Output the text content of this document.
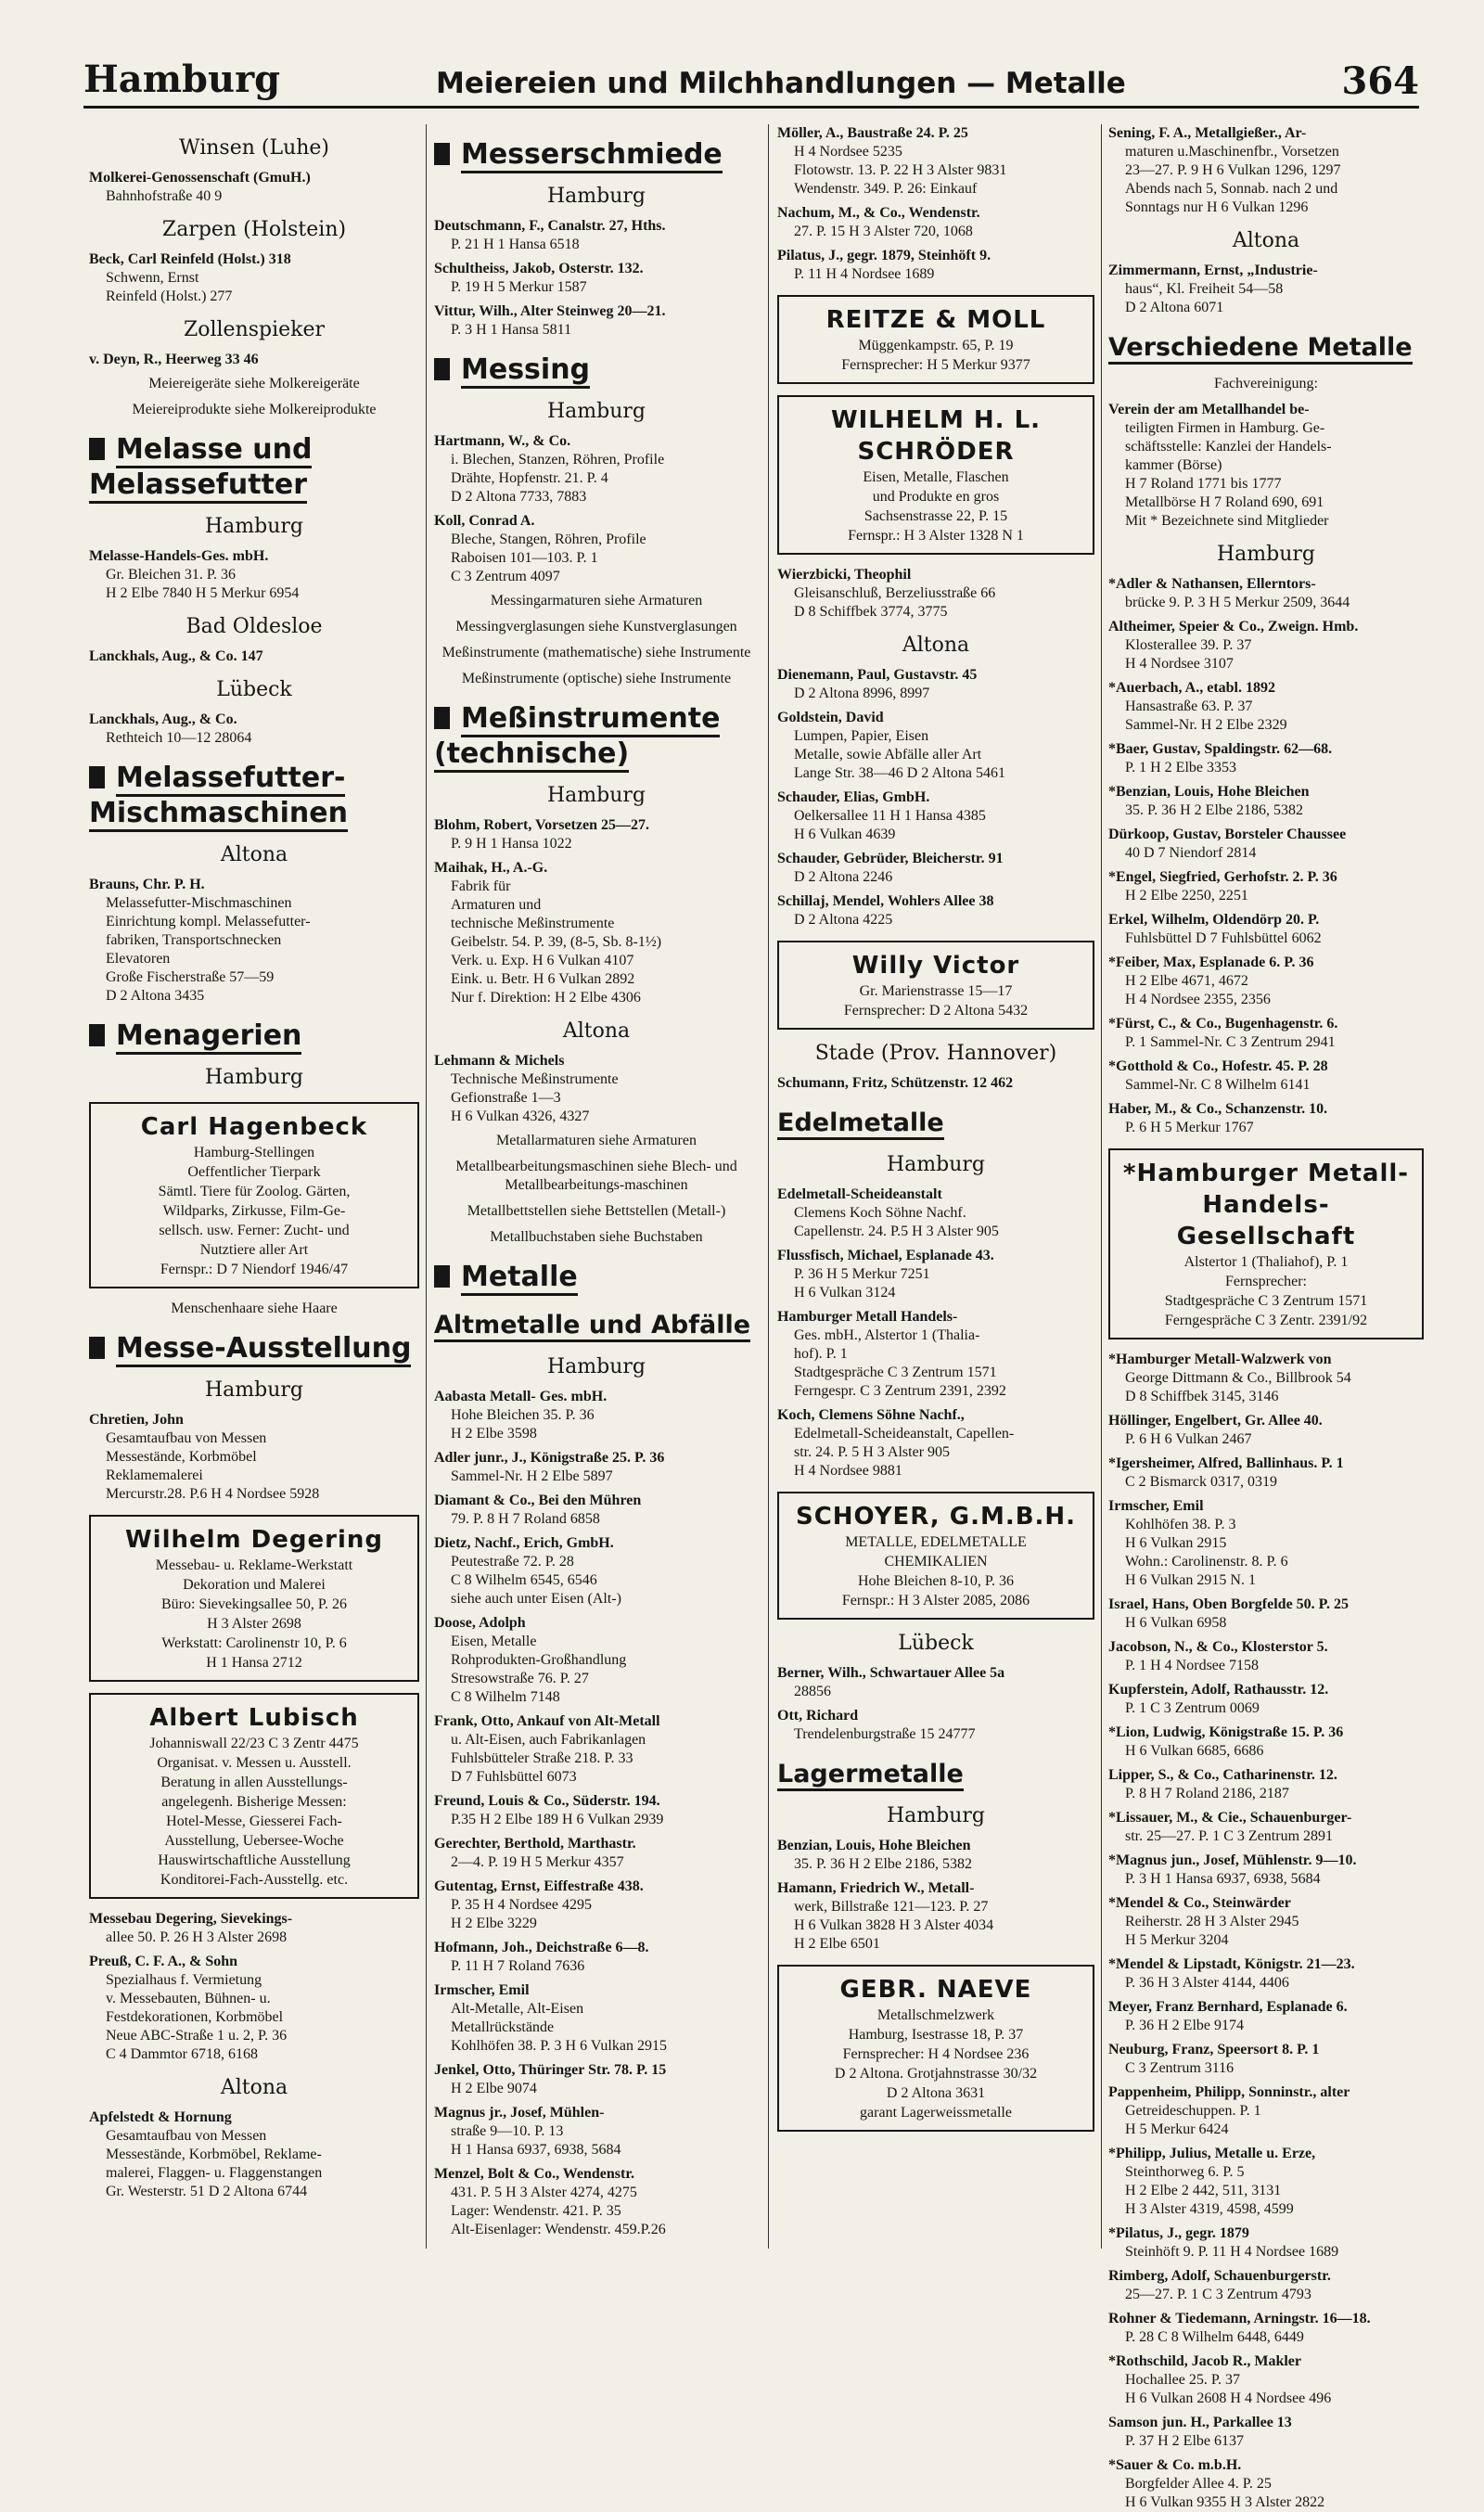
Hamburg	Meiereien und Milchhandlungen — Metalle	364
Winsen (Luhe)
Molkerei-Genossenschaft (GmuH.)
Bahnhofstraße 40 9
Zarpen (Holstein)
Beck, Carl Reinfeld (Holst.) 318
Schwenn, Ernst
Reinfeld (Holst.) 277
Zollenspieker
v. Deyn, R., Heerweg 33 46
Meiereigeräte siehe Molkereigeräte
Meiereiprodukte siehe Molkereiprodukte
Melasse und Melassefutter
Hamburg
Melasse-Handels-Ges. mbH.
Gr. Bleichen 31. P. 36
H 2 Elbe 7840 H 5 Merkur 6954
Bad Oldesloe
Lanckhals, Aug., & Co. 147
Lübeck
Lanckhals, Aug., & Co.
Rethteich 10—12 28064
Melassefutter-Mischmaschinen
Altona
Brauns, Chr. P. H.
Melassefutter-Mischmaschinen
Einrichtung kompl. Melassefutter-
fabriken, Transportschnecken
Elevatoren
Große Fischerstraße 57—59
D 2 Altona 3435
Menagerien
Hamburg
Carl Hagenbeck
Hamburg-Stellingen
Oeffentlicher Tierpark
Sämtl. Tiere für Zoolog. Gärten,
Wildparks, Zirkusse, Film-Ge-
sellsch. usw. Ferner: Zucht- und
Nutztiere aller Art
Fernspr.: D 7 Niendorf 1946/47
Menschenhaare siehe Haare
Messe-Ausstellung
Hamburg
Chretien, John
Gesamtaufbau von Messen
Messestände, Korbmöbel
Reklamemalerei
Mercurstr.28. P.6 H 4 Nordsee 5928
Wilhelm Degering
Messebau- u. Reklame-Werkstatt
Dekoration und Malerei
Büro: Sievekingsallee 50, P. 26
H 3 Alster 2698
Werkstatt: Carolinenstr 10, P. 6
H 1 Hansa 2712
Albert Lubisch
Johanniswall 22/23 C 3 Zentr 4475
Organisat. v. Messen u. Ausstell.
Beratung in allen Ausstellungs-
angelegenh. Bisherige Messen:
Hotel-Messe, Giesserei Fach-
Ausstellung, Uebersee-Woche
Hauswirtschaftliche Ausstellung
Konditorei-Fach-Ausstellg. etc.
Messebau Degering, Sievekings-
allee 50. P. 26 H 3 Alster 2698
Preuß, C. F. A., & Sohn
Spezialhaus f. Vermietung
v. Messebauten, Bühnen- u.
Festdekorationen, Korbmöbel
Neue ABC-Straße 1 u. 2, P. 36
C 4 Dammtor 6718, 6168
Altona
Apfelstedt & Hornung
Gesamtaufbau von Messen
Messestände, Korbmöbel, Reklame-
malerei, Flaggen- u. Flaggenstangen
Gr. Westerstr. 51 D 2 Altona 6744
Messerschmiede
Hamburg
Deutschmann, F., Canalstr. 27, Hths.
P. 21 H 1 Hansa 6518
Schultheiss, Jakob, Osterstr. 132.
P. 19 H 5 Merkur 1587
Vittur, Wilh., Alter Steinweg 20—21.
P. 3 H 1 Hansa 5811
Messing
Hamburg
Hartmann, W., & Co.
i. Blechen, Stanzen, Röhren, Profile
Drähte, Hopfenstr. 21. P. 4
D 2 Altona 7733, 7883
Koll, Conrad A.
Bleche, Stangen, Röhren, Profile
Raboisen 101—103. P. 1
C 3 Zentrum 4097
Messingarmaturen siehe Armaturen
Messingverglasungen siehe Kunstverglasungen
Meßinstrumente (mathematische) siehe Instrumente
Meßinstrumente (optische) siehe Instrumente
Meßinstrumente (technische)
Hamburg
Blohm, Robert, Vorsetzen 25—27.
P. 9 H 1 Hansa 1022
Maihak, H., A.-G.
Fabrik für
Armaturen und
technische Meßinstrumente
Geibelstr. 54. P. 39, (8-5, Sb. 8-1½)
Verk. u. Exp. H 6 Vulkan 4107
Eink. u. Betr. H 6 Vulkan 2892
Nur f. Direktion: H 2 Elbe 4306
Altona
Lehmann & Michels
Technische Meßinstrumente
Gefionstraße 1—3
H 6 Vulkan 4326, 4327
Metallarmaturen siehe Armaturen
Metallbearbeitungsmaschinen siehe Blech- und Metallbearbeitungs-maschinen
Metallbettstellen siehe Bettstellen (Metall-)
Metallbuchstaben siehe Buchstaben
Metalle
Altmetalle und Abfälle
Hamburg
Aabasta Metall- Ges. mbH.
Hohe Bleichen 35. P. 36
H 2 Elbe 3598
Adler junr., J., Königstraße 25. P. 36
Sammel-Nr. H 2 Elbe 5897
Diamant & Co., Bei den Mühren
79. P. 8 H 7 Roland 6858
Dietz, Nachf., Erich, GmbH.
Peutestraße 72. P. 28
C 8 Wilhelm 6545, 6546
siehe auch unter Eisen (Alt-)
Doose, Adolph
Eisen, Metalle
Rohprodukten-Großhandlung
Stresowstraße 76. P. 27
C 8 Wilhelm 7148
Frank, Otto, Ankauf von Alt-Metall
u. Alt-Eisen, auch Fabrikanlagen
Fuhlsbütteler Straße 218. P. 33
D 7 Fuhlsbüttel 6073
Freund, Louis & Co., Süderstr. 194.
P.35 H 2 Elbe 189 H 6 Vulkan 2939
Gerechter, Berthold, Marthastr.
2—4. P. 19 H 5 Merkur 4357
Gutentag, Ernst, Eiffestraße 438.
P. 35 H 4 Nordsee 4295
H 2 Elbe 3229
Hofmann, Joh., Deichstraße 6—8.
P. 11 H 7 Roland 7636
Irmscher, Emil
Alt-Metalle, Alt-Eisen
Metallrückstände
Kohlhöfen 38. P. 3 H 6 Vulkan 2915
Jenkel, Otto, Thüringer Str. 78. P. 15
H 2 Elbe 9074
Magnus jr., Josef, Mühlen-
straße 9—10. P. 13
H 1 Hansa 6937, 6938, 5684
Menzel, Bolt & Co., Wendenstr.
431. P. 5 H 3 Alster 4274, 4275
Lager: Wendenstr. 421. P. 35
Alt-Eisenlager: Wendenstr. 459.P.26
Möller, A., Baustraße 24. P. 25
H 4 Nordsee 5235
Flotowstr. 13. P. 22 H 3 Alster 9831
Wendenstr. 349. P. 26: Einkauf
Nachum, M., & Co., Wendenstr.
27. P. 15 H 3 Alster 720, 1068
Pilatus, J., gegr. 1879, Steinhöft 9.
P. 11 H 4 Nordsee 1689
REITZE & MOLL
Müggenkampstr. 65, P. 19
Fernsprecher: H 5 Merkur 9377
WILHELM H. L. SCHRÖDER
Eisen, Metalle, Flaschen
und Produkte en gros
Sachsenstrasse 22, P. 15
Fernspr.: H 3 Alster 1328 N 1
Wierzbicki, Theophil
Gleisanschluß, Berzeliusstraße 66
D 8 Schiffbek 3774, 3775
Altona
Dienemann, Paul, Gustavstr. 45
D 2 Altona 8996, 8997
Goldstein, David
Lumpen, Papier, Eisen
Metalle, sowie Abfälle aller Art
Lange Str. 38—46 D 2 Altona 5461
Schauder, Elias, GmbH.
Oelkersallee 11 H 1 Hansa 4385
H 6 Vulkan 4639
Schauder, Gebrüder, Bleicherstr. 91
D 2 Altona 2246
Schillaj, Mendel, Wohlers Allee 38
D 2 Altona 4225
Willy Victor
Gr. Marienstrasse 15—17
Fernsprecher: D 2 Altona 5432
Stade (Prov. Hannover)
Schumann, Fritz, Schützenstr. 12 462
Edelmetalle
Hamburg
Edelmetall-Scheideanstalt
Clemens Koch Söhne Nachf.
Capellenstr. 24. P.5 H 3 Alster 905
Flussfisch, Michael, Esplanade 43.
P. 36 H 5 Merkur 7251
H 6 Vulkan 3124
Hamburger Metall Handels-
Ges. mbH., Alstertor 1 (Thalia-
hof). P. 1
Stadtgespräche C 3 Zentrum 1571
Ferngespr. C 3 Zentrum 2391, 2392
Koch, Clemens Söhne Nachf.,
Edelmetall-Scheideanstalt, Capellen-
str. 24. P. 5 H 3 Alster 905
H 4 Nordsee 9881
SCHOYER, G.M.B.H.
METALLE, EDELMETALLE
CHEMIKALIEN
Hohe Bleichen 8-10, P. 36
Fernspr.: H 3 Alster 2085, 2086
Lübeck
Berner, Wilh., Schwartauer Allee 5a
28856
Ott, Richard
Trendelenburgstraße 15 24777
Lagermetalle
Hamburg
Benzian, Louis, Hohe Bleichen
35. P. 36 H 2 Elbe 2186, 5382
Hamann, Friedrich W., Metall-
werk, Billstraße 121—123. P. 27
H 6 Vulkan 3828 H 3 Alster 4034
H 2 Elbe 6501
GEBR. NAEVE
Metallschmelzwerk
Hamburg, Isestrasse 18, P. 37
Fernsprecher: H 4 Nordsee 236
D 2 Altona. Grotjahnstrasse 30/32
D 2 Altona 3631
garant Lagerweissmetalle
Sening, F. A., Metallgießer., Ar-
maturen u.Maschinenfbr., Vorsetzen
23—27. P. 9 H 6 Vulkan 1296, 1297
Abends nach 5, Sonnab. nach 2 und
Sonntags nur H 6 Vulkan 1296
Altona
Zimmermann, Ernst, „Industrie-
haus“, Kl. Freiheit 54—58
D 2 Altona 6071
Verschiedene Metalle
Fachvereinigung:
Verein der am Metallhandel be-
teiligten Firmen in Hamburg. Ge-
schäftsstelle: Kanzlei der Handels-
kammer (Börse)
H 7 Roland 1771 bis 1777
Metallbörse H 7 Roland 690, 691
Mit * Bezeichnete sind Mitglieder
Hamburg
*Adler & Nathansen, Ellerntors-
brücke 9. P. 3 H 5 Merkur 2509, 3644
Altheimer, Speier & Co., Zweign. Hmb.
Klosterallee 39. P. 37
H 4 Nordsee 3107
*Auerbach, A., etabl. 1892
Hansastraße 63. P. 37
Sammel-Nr. H 2 Elbe 2329
*Baer, Gustav, Spaldingstr. 62—68.
P. 1 H 2 Elbe 3353
*Benzian, Louis, Hohe Bleichen
35. P. 36 H 2 Elbe 2186, 5382
Dürkoop, Gustav, Borsteler Chaussee
40 D 7 Niendorf 2814
*Engel, Siegfried, Gerhofstr. 2. P. 36
H 2 Elbe 2250, 2251
Erkel, Wilhelm, Oldendörp 20. P.
Fuhlsbüttel D 7 Fuhlsbüttel 6062
*Feiber, Max, Esplanade 6. P. 36
H 2 Elbe 4671, 4672
H 4 Nordsee 2355, 2356
*Fürst, C., & Co., Bugenhagenstr. 6.
P. 1 Sammel-Nr. C 3 Zentrum 2941
*Gotthold & Co., Hofestr. 45. P. 28
Sammel-Nr. C 8 Wilhelm 6141
Haber, M., & Co., Schanzenstr. 10.
P. 6 H 5 Merkur 1767
*Hamburger Metall-Handels-Gesellschaft
Alstertor 1 (Thaliahof), P. 1
Fernsprecher:
Stadtgespräche C 3 Zentrum 1571
Ferngespräche C 3 Zentr. 2391/92
*Hamburger Metall-Walzwerk von
George Dittmann & Co., Billbrook 54
D 8 Schiffbek 3145, 3146
Höllinger, Engelbert, Gr. Allee 40.
P. 6 H 6 Vulkan 2467
*Igersheimer, Alfred, Ballinhaus. P. 1
C 2 Bismarck 0317, 0319
Irmscher, Emil
Kohlhöfen 38. P. 3
H 6 Vulkan 2915
Wohn.: Carolinenstr. 8. P. 6
H 6 Vulkan 2915 N. 1
Israel, Hans, Oben Borgfelde 50. P. 25
H 6 Vulkan 6958
Jacobson, N., & Co., Klosterstor 5.
P. 1 H 4 Nordsee 7158
Kupferstein, Adolf, Rathausstr. 12.
P. 1 C 3 Zentrum 0069
*Lion, Ludwig, Königstraße 15. P. 36
H 6 Vulkan 6685, 6686
Lipper, S., & Co., Catharinenstr. 12.
P. 8 H 7 Roland 2186, 2187
*Lissauer, M., & Cie., Schauenburger-
str. 25—27. P. 1 C 3 Zentrum 2891
*Magnus jun., Josef, Mühlenstr. 9—10.
P. 3 H 1 Hansa 6937, 6938, 5684
*Mendel & Co., Steinwärder
Reiherstr. 28 H 3 Alster 2945
H 5 Merkur 3204
*Mendel & Lipstadt, Königstr. 21—23.
P. 36 H 3 Alster 4144, 4406
Meyer, Franz Bernhard, Esplanade 6.
P. 36 H 2 Elbe 9174
Neuburg, Franz, Speersort 8. P. 1
C 3 Zentrum 3116
Pappenheim, Philipp, Sonninstr., alter
Getreideschuppen. P. 1
H 5 Merkur 6424
*Philipp, Julius, Metalle u. Erze,
Steinthorweg 6. P. 5
H 2 Elbe 2 442, 511, 3131
H 3 Alster 4319, 4598, 4599
*Pilatus, J., gegr. 1879
Steinhöft 9. P. 11 H 4 Nordsee 1689
Rimberg, Adolf, Schauenburgerstr.
25—27. P. 1 C 3 Zentrum 4793
Rohner & Tiedemann, Arningstr. 16—18.
P. 28 C 8 Wilhelm 6448, 6449
*Rothschild, Jacob R., Makler
Hochallee 25. P. 37
H 6 Vulkan 2608 H 4 Nordsee 496
Samson jun. H., Parkallee 13
P. 37 H 2 Elbe 6137
*Sauer & Co. m.b.H.
Borgfelder Allee 4. P. 25
H 6 Vulkan 9355 H 3 Alster 2822
